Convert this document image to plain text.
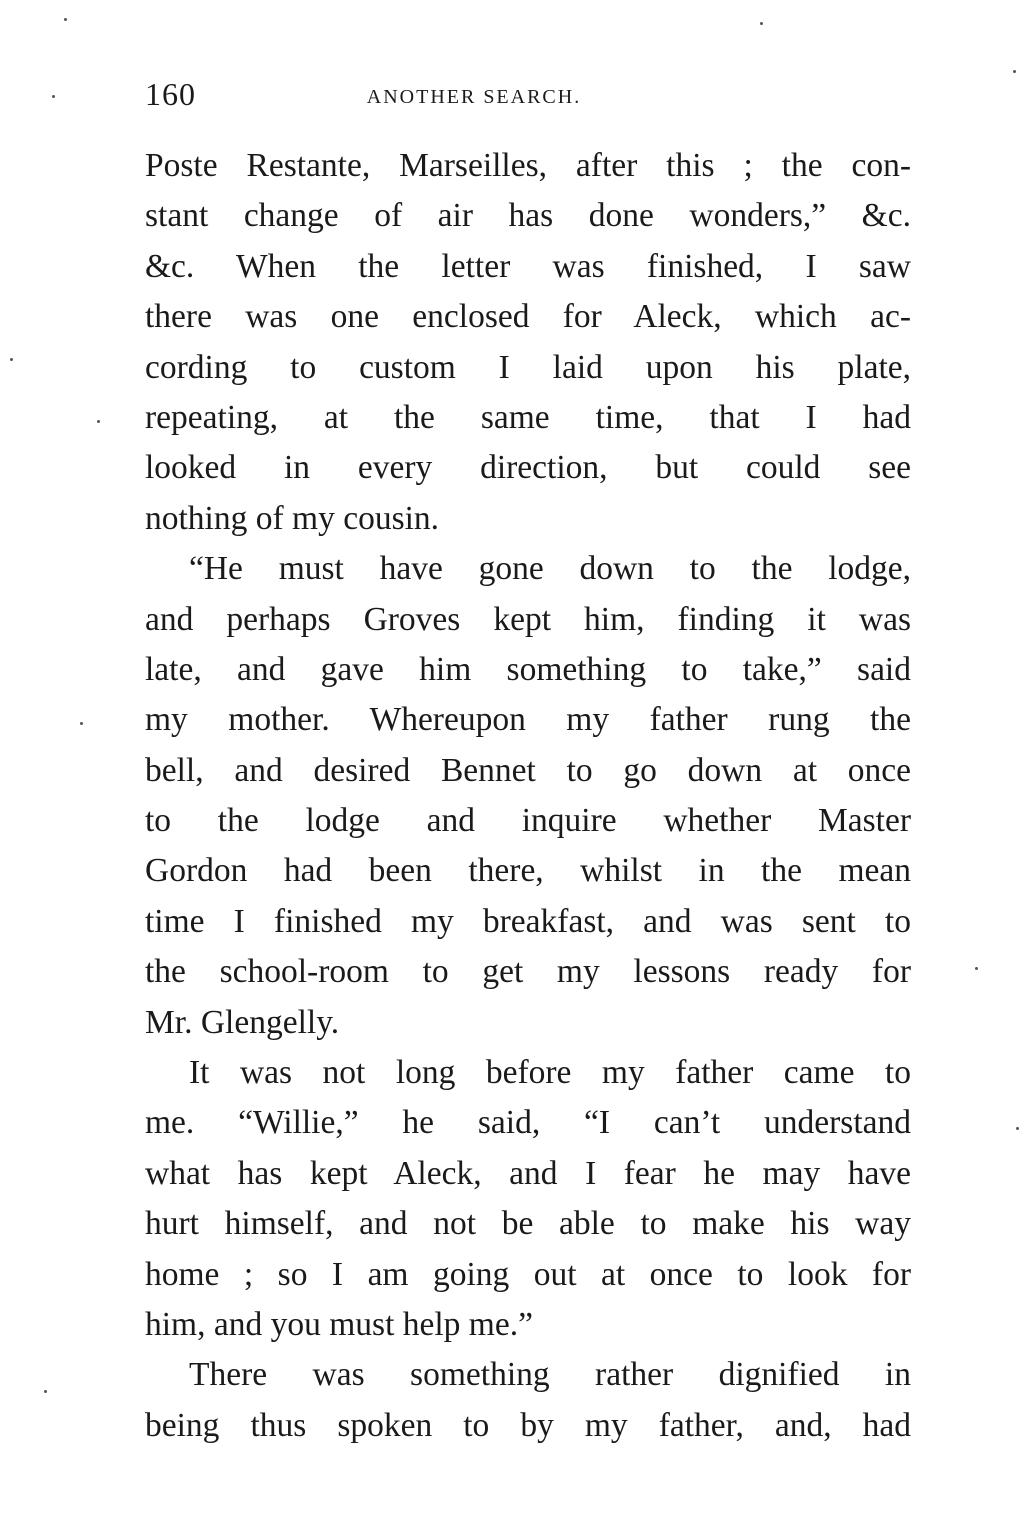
160	ANOTHER SEARCH.
Poste Restante, Marseilles, after this ; the con-
stant change of air has done wonders,” &c.
&c. When the letter was finished, I saw
there was one enclosed for Aleck, which ac-
cording to custom I laid upon his plate,
repeating, at the same time, that I had
looked in every direction, but could see
nothing of my cousin.
“He must have gone down to the lodge,
and perhaps Groves kept him, finding it was
late, and gave him something to take,” said
my mother. Whereupon my father rung the
bell, and desired Bennet to go down at once
to the lodge and inquire whether Master
Gordon had been there, whilst in the mean
time I finished my breakfast, and was sent to
the school-room to get my lessons ready for
Mr. Glengelly.
It was not long before my father came to
me. “Willie,” he said, “I can’t understand
what has kept Aleck, and I fear he may have
hurt himself, and not be able to make his way
home ; so I am going out at once to look for
him, and you must help me.”
There was something rather dignified in
being thus spoken to by my father, and, had
